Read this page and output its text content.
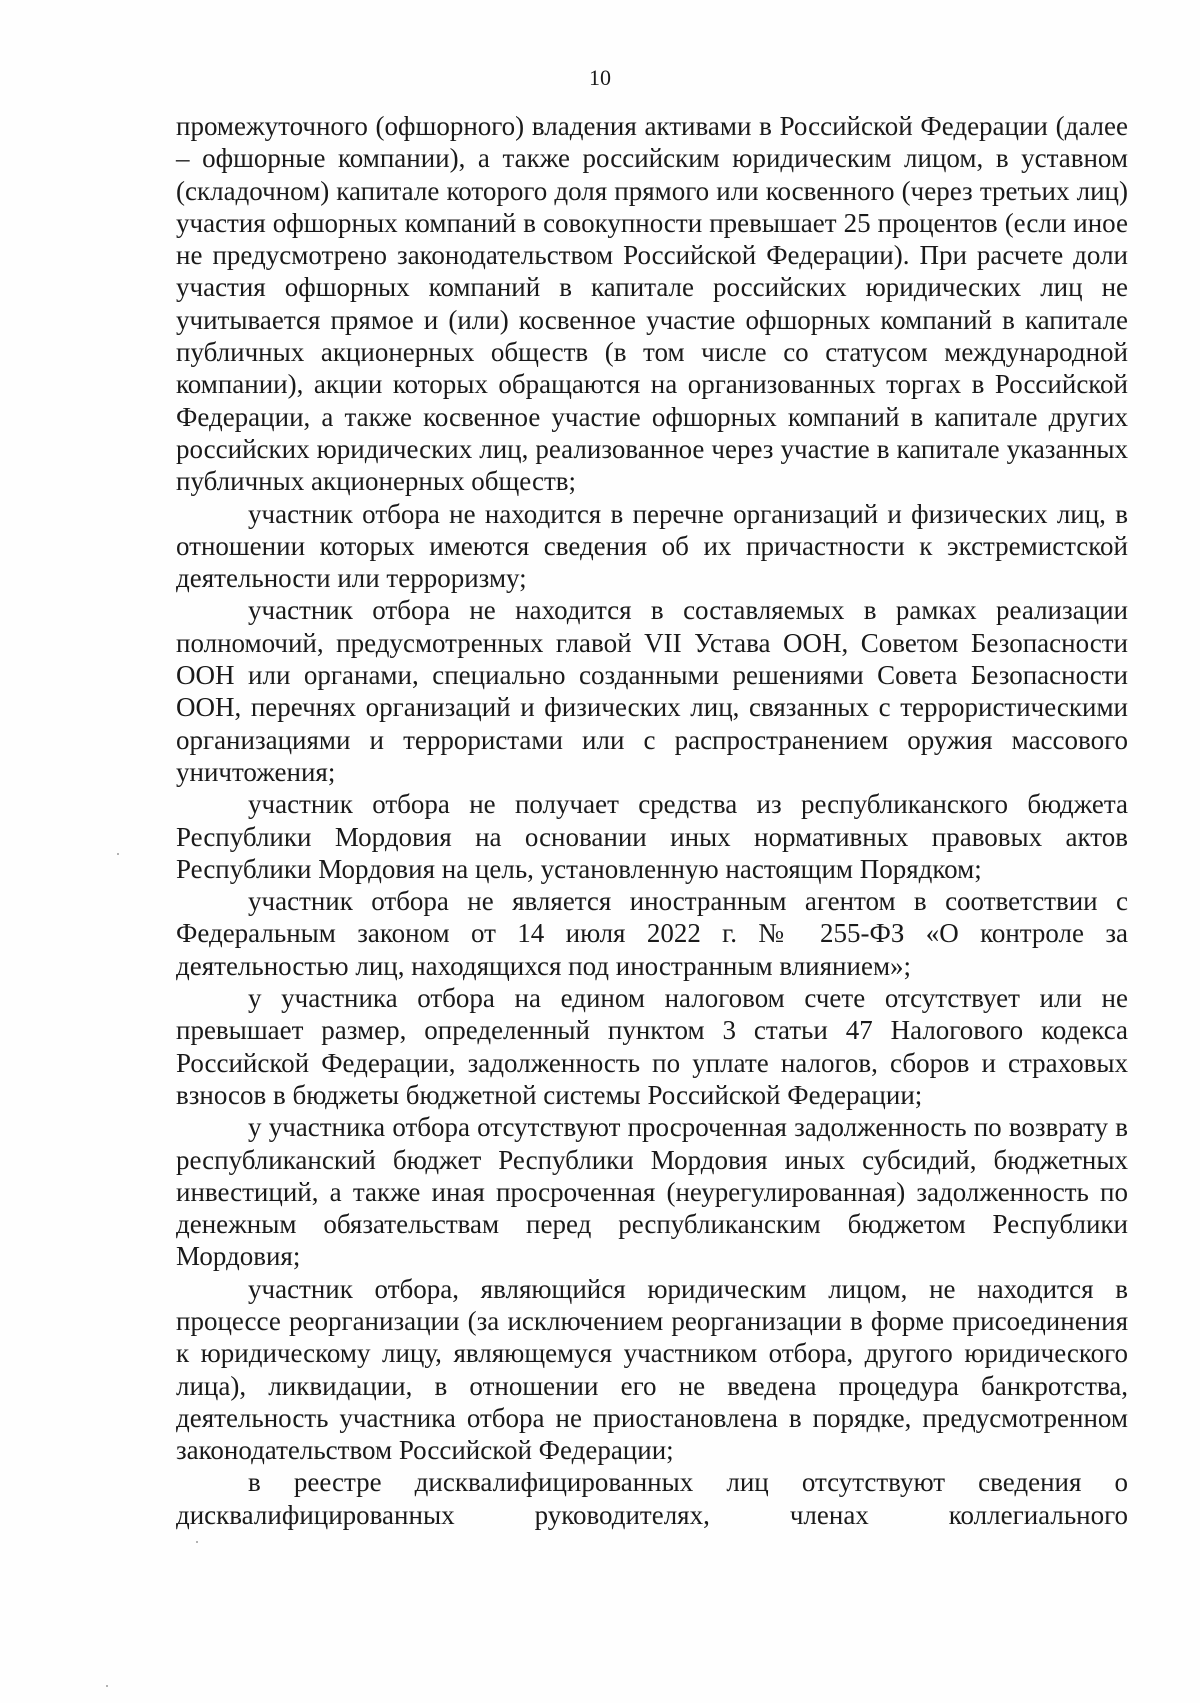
10

промежуточного (офшорного) владения активами в Российской Федерации (далее – офшорные компании), а также российским юридическим лицом, в уставном (складочном) капитале которого доля прямого или косвенного (через третьих лиц) участия офшорных компаний в совокупности превышает 25 процентов (если иное не предусмотрено законодательством Российской Федерации). При расчете доли участия офшорных компаний в капитале российских юридических лиц не учитывается прямое и (или) косвенное участие офшорных компаний в капитале публичных акционерных обществ (в том числе со статусом международной компании), акции которых обращаются на организованных торгах в Российской Федерации, а также косвенное участие офшорных компаний в капитале других российских юридических лиц, реализованное через участие в капитале указанных публичных акционерных обществ;

участник отбора не находится в перечне организаций и физических лиц, в отношении которых имеются сведения об их причастности к экстремистской деятельности или терроризму;

участник отбора не находится в составляемых в рамках реализации полномочий, предусмотренных главой VII Устава ООН, Советом Безопасности ООН или органами, специально созданными решениями Совета Безопасности ООН, перечнях организаций и физических лиц, связанных с террористическими организациями и террористами или с распространением оружия массового уничтожения;

участник отбора не получает средства из республиканского бюджета Республики Мордовия на основании иных нормативных правовых актов Республики Мордовия на цель, установленную настоящим Порядком;

участник отбора не является иностранным агентом в соответствии с Федеральным законом от 14 июля 2022 г. № 255-ФЗ «О контроле за деятельностью лиц, находящихся под иностранным влиянием»;

у участника отбора на едином налоговом счете отсутствует или не превышает размер, определенный пунктом 3 статьи 47 Налогового кодекса Российской Федерации, задолженность по уплате налогов, сборов и страховых взносов в бюджеты бюджетной системы Российской Федерации;

у участника отбора отсутствуют просроченная задолженность по возврату в республиканский бюджет Республики Мордовия иных субсидий, бюджетных инвестиций, а также иная просроченная (неурегулированная) задолженность по денежным обязательствам перед республиканским бюджетом Республики Мордовия;

участник отбора, являющийся юридическим лицом, не находится в процессе реорганизации (за исключением реорганизации в форме присоединения к юридическому лицу, являющемуся участником отбора, другого юридического лица), ликвидации, в отношении его не введена процедура банкротства, деятельность участника отбора не приостановлена в порядке, предусмотренном законодательством Российской Федерации;

в реестре дисквалифицированных лиц отсутствуют сведения о дисквалифицированных руководителях, членах коллегиального
